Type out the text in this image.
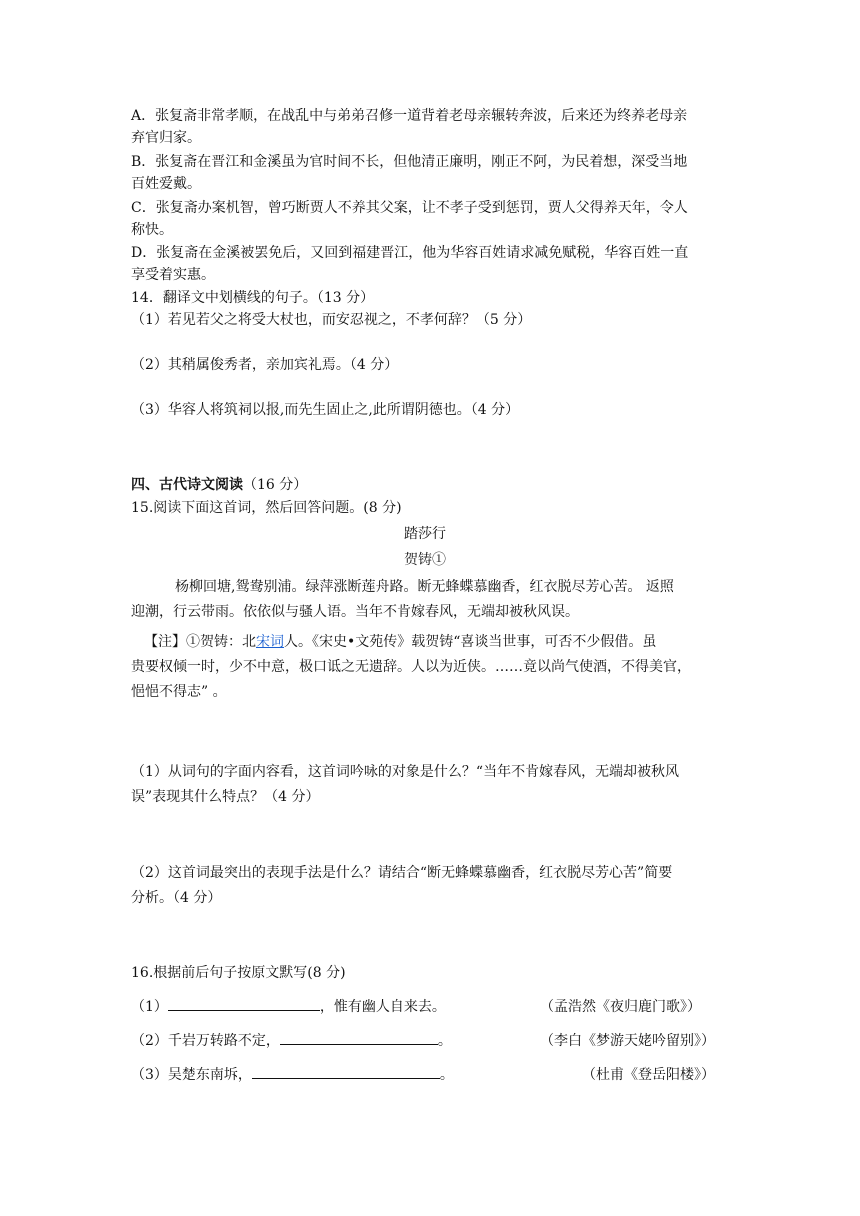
A．张复斋非常孝顺，在战乱中与弟弟召修一道背着老母亲辗转奔波，后来还为终养老母亲
弃官归家。
B．张复斋在晋江和金溪虽为官时间不长，但他清正廉明，刚正不阿，为民着想，深受当地
百姓爱戴。
C．张复斋办案机智，曾巧断贾人不养其父案，让不孝子受到惩罚，贾人父得养天年，令人
称快。
D．张复斋在金溪被罢免后，又回到福建晋江，他为华容百姓请求减免赋税，华容百姓一直
享受着实惠。
14．翻译文中划横线的句子。（13 分）
（1）若见若父之将受大杖也，而安忍视之，不孝何辞？（5 分）
（2）其稍属俊秀者，亲加宾礼焉。（4 分）
（3）华容人将筑祠以报,而先生固止之,此所谓阴德也。（4 分）
四、古代诗文阅读（16 分）
15.阅读下面这首词，然后回答问题。(8 分)
踏莎行
贺铸①
杨柳回塘,鸳鸯别浦。绿萍涨断莲舟路。断无蜂蝶慕幽香，红衣脱尽芳心苦。 返照
迎潮，行云带雨。依依似与骚人语。当年不肯嫁春风，无端却被秋风误。
【注】①贺铸：北宋词人。《宋史•文苑传》载贺铸“喜谈当世事，可否不少假借。虽
贵要权倾一时，少不中意，极口诋之无遗辞。人以为近侠。……竟以尚气使酒，不得美官，
悒悒不得志” 。
（1）从词句的字面内容看，这首词吟咏的对象是什么？“当年不肯嫁春风，无端却被秋风
误”表现其什么特点？（4 分）
（2）这首词最突出的表现手法是什么？请结合“断无蜂蝶慕幽香，红衣脱尽芳心苦”简要
分析。（4 分）
16.根据前后句子按原文默写(8 分)
（1）	，惟有幽人自来去。	（孟浩然《夜归鹿门歌》）
（2）千岩万转路不定，	。	（李白《梦游天姥吟留别》）
（3）吴楚东南坼，	。	（杜甫《登岳阳楼》）
